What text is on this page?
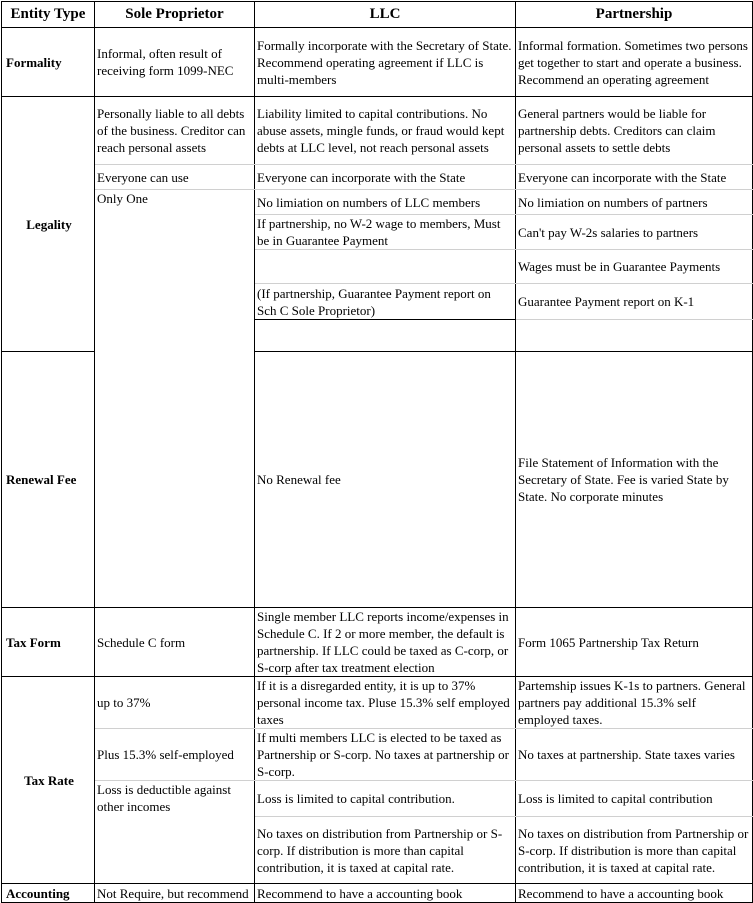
Entity Type	Sole Proprietor	LLC	Partnership	
Formality	Informal, often result of receiving form 1099-NEC	Formally incorporate with the Secretary of State. Recommend operating agreement if LLC is multi-members	Informal formation. Sometimes two persons get together to start and operate a business. Recommend an operating agreement	
Legality	Personally liable to all debts of the business. Creditor can reach personal assets	Liability limited to capital contributions. No abuse assets, mingle funds, or fraud would kept debts at LLC level, not reach personal assets	General partners would be liable for partnership debts. Creditors can claim personal assets to settle debts	
	Everyone can use	Everyone can incorporate with the State	Everyone can incorporate with the State	
	Only One	No limiation on numbers of LLC members	No limiation on numbers of partners	
		If partnership, no W-2 wage to members, Must be in Guarantee Payment	Can't pay W-2s salaries to partners	
			Wages must be in Guarantee Payments	
		(If partnership, Guarantee Payment report on Sch C Sole Proprietor)	Guarantee Payment report on K-1	

Renewal Fee		No Renewal fee	File Statement of Information with the Secretary of State. Fee is varied State by State. No corporate minutes	
Tax Form	Schedule C form	Single member LLC reports income/expenses in Schedule C. If 2 or more member, the default is partnership. If LLC could be taxed as C-corp, or S-corp after tax treatment election	Form 1065 Partnership Tax Return	
Tax Rate	up to 37%	If it is a disregarded entity, it is up to 37% personal income tax. Pluse 15.3% self employed taxes	Partemship issues K-1s to partners. General partners pay additional 15.3% self employed taxes.	
	Plus 15.3% self-employed	If multi members LLC is elected to be taxed as Partnership or S-corp. No taxes at partnership or S-corp.	No taxes at partnership. State taxes varies	
	Loss is deductible against other incomes	Loss is limited to capital contribution.	Loss is limited to capital contribution	
		No taxes on distribution from Partnership or S-corp. If distribution is more than capital contribution, it is taxed at capital rate.	No taxes on distribution from Partnership or S-corp. If distribution is more than capital contribution, it is taxed at capital rate.	
Accounting	Not Require, but recommend	Recommend to have a accounting book	Recommend to have a accounting book	
